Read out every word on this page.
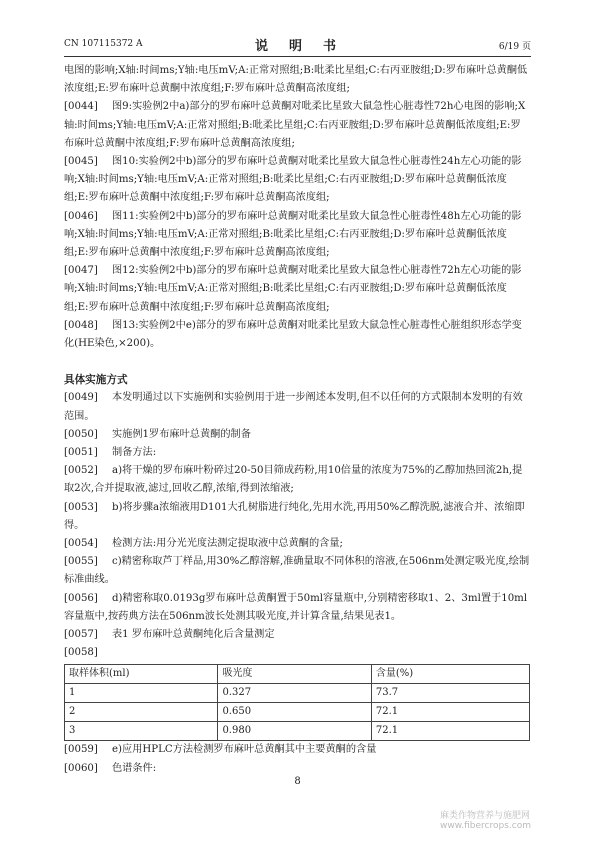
CN 107115372 A	说　明　书	6/19 页

电图的影响;X轴:时间ms;Y轴:电压mV;A:正常对照组;B:吡柔比星组;C:右丙亚胺组;D:罗布麻叶总黄酮低浓度组;E:罗布麻叶总黄酮中浓度组;F:罗布麻叶总黄酮高浓度组;

[0044]	图9:实验例2中a)部分的罗布麻叶总黄酮对吡柔比星致大鼠急性心脏毒性72h心电图的影响;X轴:时间ms;Y轴:电压mV;A:正常对照组;B:吡柔比星组;C:右丙亚胺组;D:罗布麻叶总黄酮低浓度组;E:罗布麻叶总黄酮中浓度组;F:罗布麻叶总黄酮高浓度组;

[0045]	图10:实验例2中b)部分的罗布麻叶总黄酮对吡柔比星致大鼠急性心脏毒性24h左心功能的影响;X轴:时间ms;Y轴:电压mV;A:正常对照组;B:吡柔比星组;C:右丙亚胺组;D:罗布麻叶总黄酮低浓度组;E:罗布麻叶总黄酮中浓度组;F:罗布麻叶总黄酮高浓度组;

[0046]	图11:实验例2中b)部分的罗布麻叶总黄酮对吡柔比星致大鼠急性心脏毒性48h左心功能的影响;X轴:时间ms;Y轴:电压mV;A:正常对照组;B:吡柔比星组;C:右丙亚胺组;D:罗布麻叶总黄酮低浓度组;E:罗布麻叶总黄酮中浓度组;F:罗布麻叶总黄酮高浓度组;

[0047]	图12:实验例2中b)部分的罗布麻叶总黄酮对吡柔比星致大鼠急性心脏毒性72h左心功能的影响;X轴:时间ms;Y轴:电压mV;A:正常对照组;B:吡柔比星组;C:右丙亚胺组;D:罗布麻叶总黄酮低浓度组;E:罗布麻叶总黄酮中浓度组;F:罗布麻叶总黄酮高浓度组;

[0048]	图13:实验例2中e)部分的罗布麻叶总黄酮对吡柔比星致大鼠急性心脏毒性心脏组织形态学变化(HE染色,×200)。

具体实施方式

[0049]	本发明通过以下实施例和实验例用于进一步阐述本发明,但不以任何的方式限制本发明的有效范围。

[0050]	实施例1罗布麻叶总黄酮的制备

[0051]	制备方法:

[0052]	a)将干燥的罗布麻叶粉碎过20-50目筛成药粉,用10倍量的浓度为75%的乙醇加热回流2h,提取2次,合并提取液,滤过,回收乙醇,浓缩,得到浓缩液;

[0053]	b)将步骤a浓缩液用D101大孔树脂进行纯化,先用水洗,再用50%乙醇洗脱,滤液合并、浓缩即得。

[0054]	检测方法:用分光光度法测定提取液中总黄酮的含量;

[0055]	c)精密称取芦丁样品,用30%乙醇溶解,准确量取不同体积的溶液,在506nm处测定吸光度,绘制标准曲线。

[0056]	d)精密称取0.0193g罗布麻叶总黄酮置于50ml容量瓶中,分别精密移取1、2、3ml置于10ml容量瓶中,按药典方法在506nm波长处测其吸光度,并计算含量,结果见表1。

[0057]	表1 罗布麻叶总黄酮纯化后含量测定

[0058]

取样体积(ml)	吸光度	含量(%)
1	0.327	73.7
2	0.650	72.1
3	0.980	72.1
[0059]	e)应用HPLC方法检测罗布麻叶总黄酮其中主要黄酮的含量

[0060]	色谱条件:

8
麻类作物营养与施肥网 www.fibercrops.com
